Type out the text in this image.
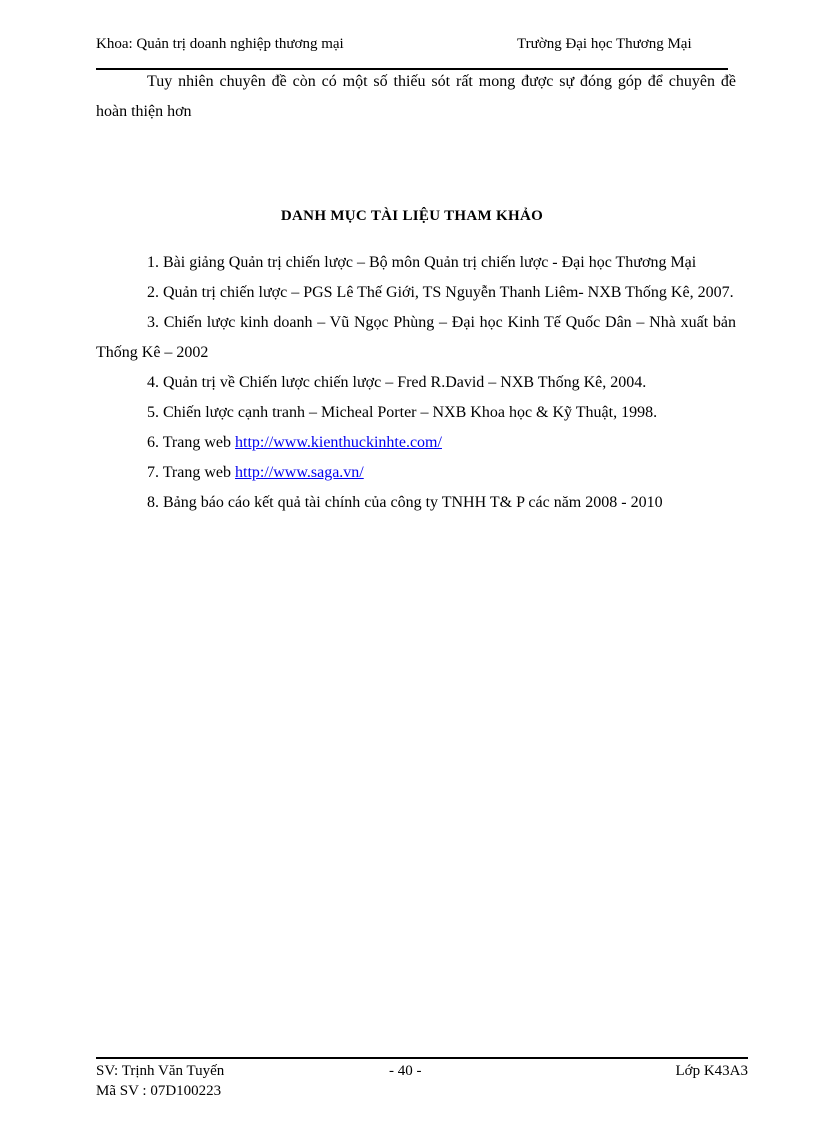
Khoa: Quản trị doanh nghiệp thương mại	Trường Đại học Thương Mại

Tuy nhiên chuyên đề còn có một số thiếu sót rất mong được sự đóng góp để chuyên đề hoàn thiện hơn

DANH MỤC TÀI LIỆU THAM KHẢO

1. Bài giảng Quản trị chiến lược – Bộ môn Quản trị chiến lược - Đại học Thương Mại

2. Quản trị chiến lược – PGS Lê Thế Giới, TS Nguyễn Thanh Liêm- NXB Thống Kê, 2007.

3. Chiến lược kinh doanh – Vũ Ngọc Phùng – Đại học Kinh Tế Quốc Dân – Nhà xuất bản Thống Kê – 2002

4. Quản trị về Chiến lược chiến lược – Fred R.David – NXB Thống Kê, 2004.

5. Chiến lược cạnh tranh – Micheal Porter – NXB Khoa học & Kỹ Thuật, 1998.

6. Trang web http://www.kienthuckinhte.com/

7. Trang web http://www.saga.vn/

8. Bảng báo cáo kết quả tài chính của công ty TNHH T& P các năm 2008 - 2010

SV: Trịnh Văn Tuyến	- 40 -	Lớp K43A3
Mã SV : 07D100223
